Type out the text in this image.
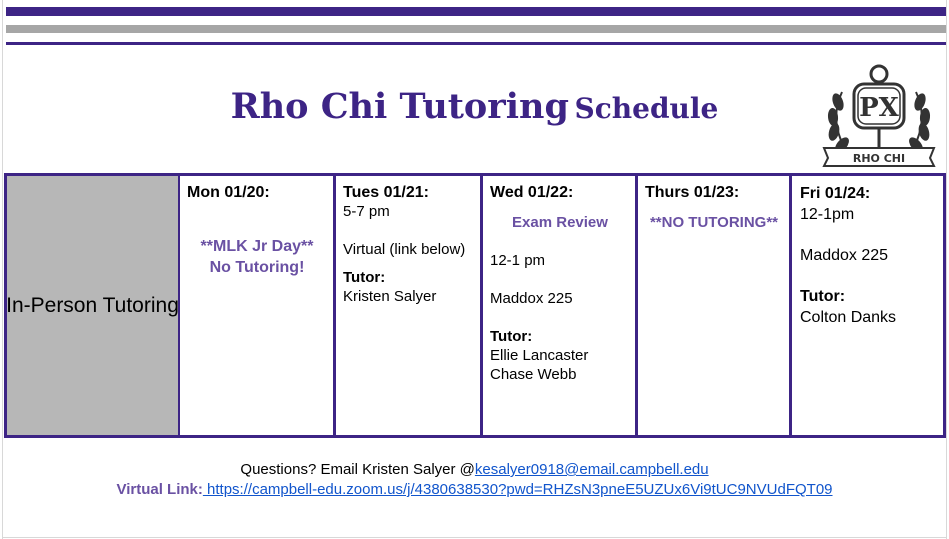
Rho Chi Tutoring Schedule	PX
RHO CHI
In-Person Tutoring
Mon 01/20:
**MLK Jr Day**
No Tutoring!
Tues 01/21:
5-7 pm
Virtual (link below)
Tutor:
Kristen Salyer
Wed 01/22:
Exam Review
12-1 pm
Maddox 225
Tutor:
Ellie Lancaster
Chase Webb
Thurs 01/23:
**NO TUTORING**
Fri 01/24:
12-1pm
Maddox 225
Tutor:
Colton Danks
Questions? Email Kristen Salyer @kesalyer0918@email.campbell.edu
Virtual Link: https://campbell-edu.zoom.us/j/4380638530?pwd=RHZsN3pneE5UZUx6Vi9tUC9NVUdFQT09
